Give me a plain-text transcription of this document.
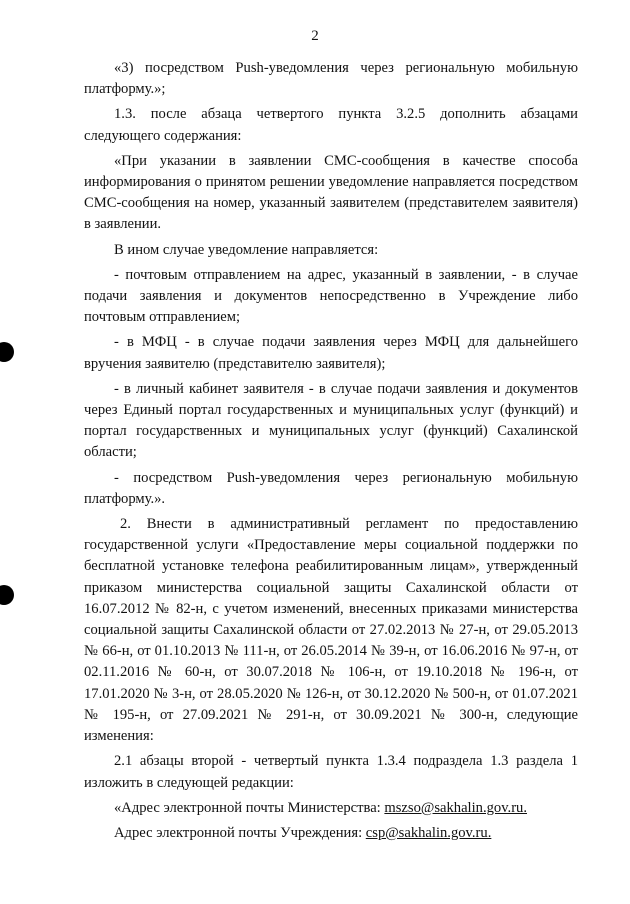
2

«3) посредством Push-уведомления через региональную мобильную платформу.»;

1.3. после абзаца четвертого пункта 3.2.5 дополнить абзацами следующего содержания:

«При указании в заявлении СМС-сообщения в качестве способа информирования о принятом решении уведомление направляется посредством СМС-сообщения на номер, указанный заявителем (представителем заявителя) в заявлении.

В ином случае уведомление направляется:

- почтовым отправлением на адрес, указанный в заявлении, - в случае подачи заявления и документов непосредственно в Учреждение либо почтовым отправлением;

- в МФЦ - в случае подачи заявления через МФЦ для дальнейшего вручения заявителю (представителю заявителя);

- в личный кабинет заявителя - в случае подачи заявления и документов через Единый портал государственных и муниципальных услуг (функций) и портал государственных и муниципальных услуг (функций) Сахалинской области;

- посредством Push-уведомления через региональную мобильную платформу.».

2. Внести в административный регламент по предоставлению государственной услуги «Предоставление меры социальной поддержки по бесплатной установке телефона реабилитированным лицам», утвержденный приказом министерства социальной защиты Сахалинской области от 16.07.2012 № 82-н, с учетом изменений, внесенных приказами министерства социальной защиты Сахалинской области от 27.02.2013 № 27-н, от 29.05.2013 № 66-н, от 01.10.2013 № 111-н, от 26.05.2014 № 39-н, от 16.06.2016 № 97-н, от 02.11.2016 № 60-н, от 30.07.2018 № 106-н, от 19.10.2018 № 196-н, от 17.01.2020 № 3-н, от 28.05.2020 № 126-н, от 30.12.2020 № 500-н, от 01.07.2021 № 195-н, от 27.09.2021 № 291-н, от 30.09.2021 № 300-н, следующие изменения:

2.1 абзацы второй - четвертый пункта 1.3.4 подраздела 1.3 раздела 1 изложить в следующей редакции:

«Адрес электронной почты Министерства: mszso@sakhalin.gov.ru.

Адрес электронной почты Учреждения: csp@sakhalin.gov.ru.
